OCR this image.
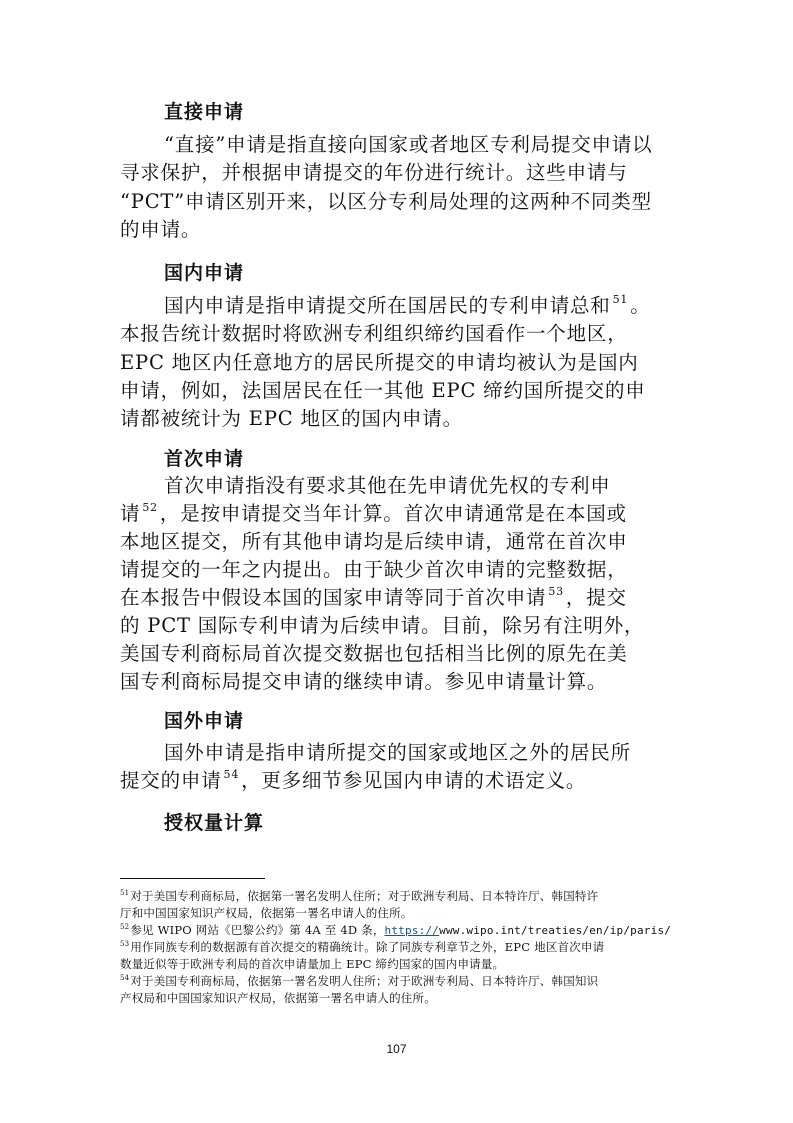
直接申请
“直接”申请是指直接向国家或者地区专利局提交申请以
寻求保护，并根据申请提交的年份进行统计。这些申请与
“PCT”申请区别开来，以区分专利局处理的这两种不同类型
的申请。
国内申请
国内申请是指申请提交所在国居民的专利申请总和 $^{51}$ 。
本报告统计数据时将欧洲专利组织缔约国看作一个地区，
EPC 地区内任意地方的居民所提交的申请均被认为是国内
申请，例如，法国居民在任一其他 EPC 缔约国所提交的申
请都被统计为 EPC 地区的国内申请。
首次申请
首次申请指没有要求其他在先申请优先权的专利申
请 $^{52}$ ，是按申请提交当年计算。首次申请通常是在本国或
本地区提交，所有其他申请均是后续申请，通常在首次申
请提交的一年之内提出。由于缺少首次申请的完整数据，
在本报告中假设本国的国家申请等同于首次申请 $^{53}$ ，提交
的 PCT 国际专利申请为后续申请。目前，除另有注明外，
美国专利商标局首次提交数据也包括相当比例的原先在美
国专利商标局提交申请的继续申请。参见申请量计算。
国外申请
国外申请是指申请所提交的国家或地区之外的居民所
提交的申请 $^{54}$ ，更多细节参见国内申请的术语定义。
授权量计算
$^{51}$对于美国专利商标局，依据第一署名发明人住所；对于欧洲专利局、日本特许厅、韩国特许
厅和中国国家知识产权局，依据第一署名申请人的住所。
$^{52}$参见 WIPO 网站《巴黎公约》第 4A 至 4D 条，https://www.wipo.int/treaties/en/ip/paris/
$^{53}$用作同族专利的数据源有首次提交的精确统计。除了同族专利章节之外，EPC 地区首次申请
数量近似等于欧洲专利局的首次申请量加上 EPC 缔约国家的国内申请量。
$^{54}$对于美国专利商标局，依据第一署名发明人住所；对于欧洲专利局、日本特许厅、韩国知识
产权局和中国国家知识产权局，依据第一署名申请人的住所。
107
